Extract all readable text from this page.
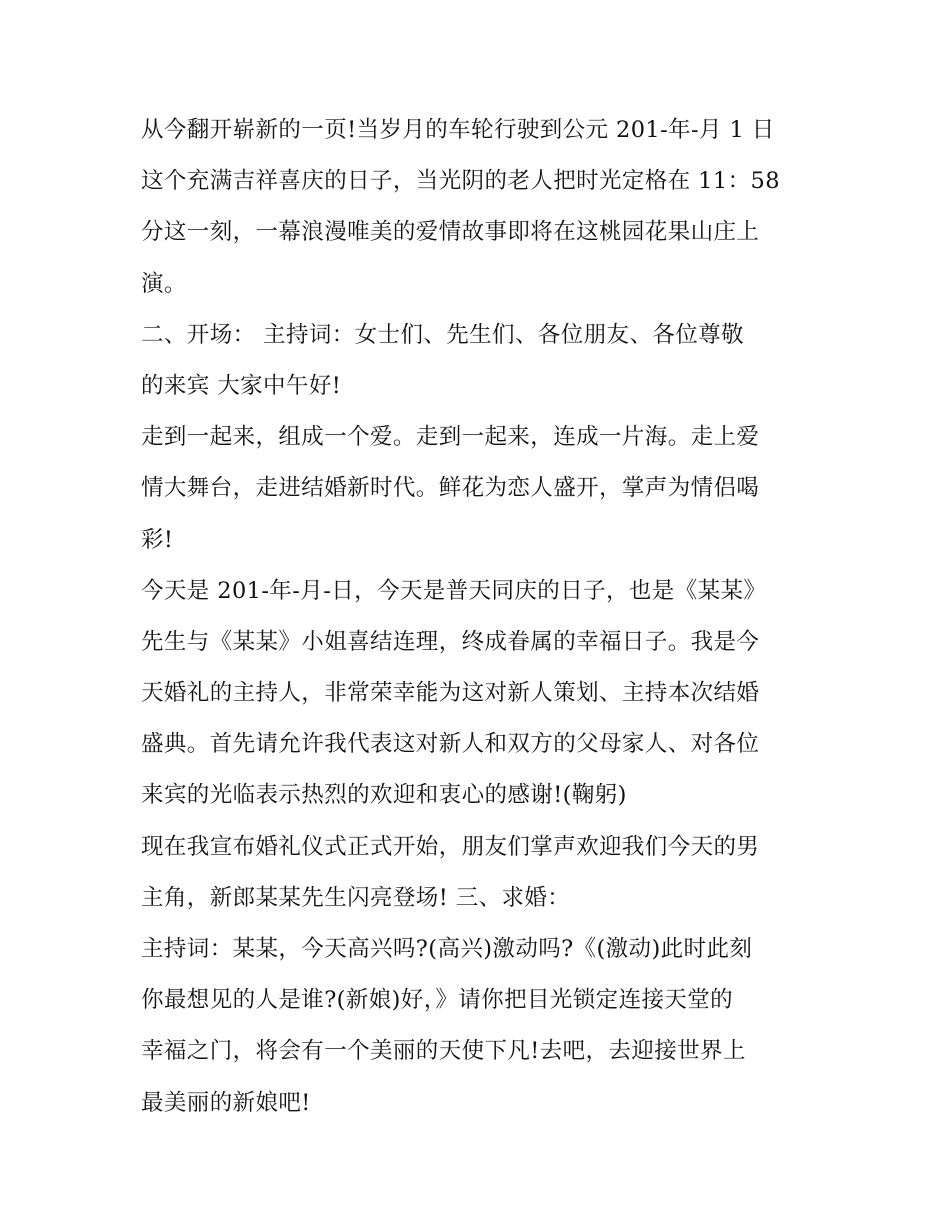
从今翻开崭新的一页!当岁月的车轮行驶到公元 201-年-月 1 日
这个充满吉祥喜庆的日子，当光阴的老人把时光定格在 11：58
分这一刻，一幕浪漫唯美的爱情故事即将在这桃园花果山庄上
演。
二、开场： 主持词：女士们、先生们、各位朋友、各位尊敬
的来宾 大家中午好!
走到一起来，组成一个爱。走到一起来，连成一片海。走上爱
情大舞台，走进结婚新时代。鲜花为恋人盛开，掌声为情侣喝
彩!
今天是 201-年-月-日，今天是普天同庆的日子，也是《某某》
先生与《某某》小姐喜结连理，终成眷属的幸福日子。我是今
天婚礼的主持人，非常荣幸能为这对新人策划、主持本次结婚
盛典。首先请允许我代表这对新人和双方的父母家人、对各位
来宾的光临表示热烈的欢迎和衷心的感谢!(鞠躬)
现在我宣布婚礼仪式正式开始，朋友们掌声欢迎我们今天的男
主角，新郎某某先生闪亮登场! 三、求婚：
主持词：某某，今天高兴吗?(高兴)激动吗?《(激动)此时此刻
你最想见的人是谁?(新娘)好，》请你把目光锁定连接天堂的
幸福之门，将会有一个美丽的天使下凡!去吧，去迎接世界上
最美丽的新娘吧!
